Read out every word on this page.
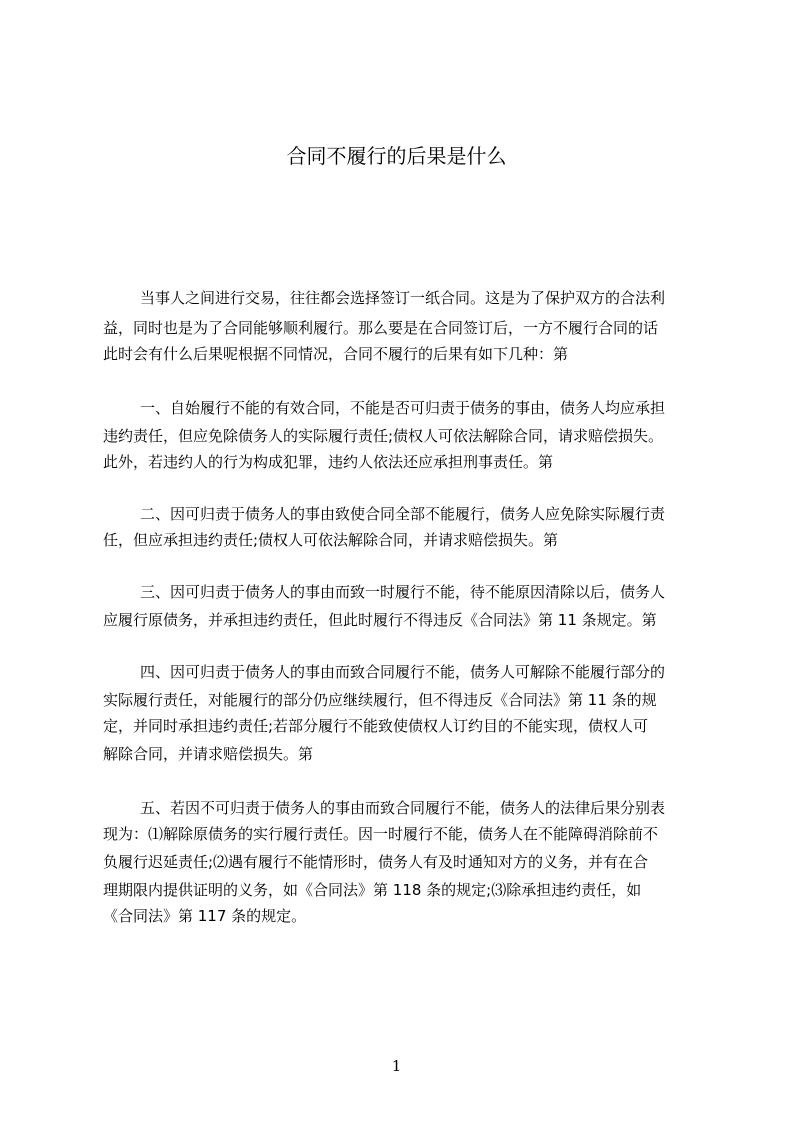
合同不履行的后果是什么
当事人之间进行交易，往往都会选择签订一纸合同。这是为了保护双方的合法利
益，同时也是为了合同能够顺利履行。那么要是在合同签订后，一方不履行合同的话
此时会有什么后果呢根据不同情况，合同不履行的后果有如下几种：第
一、自始履行不能的有效合同，不能是否可归责于债务的事由，债务人均应承担
违约责任，但应免除债务人的实际履行责任;债权人可依法解除合同，请求赔偿损失。
此外，若违约人的行为构成犯罪，违约人依法还应承担刑事责任。第
二、因可归责于债务人的事由致使合同全部不能履行，债务人应免除实际履行责
任，但应承担违约责任;债权人可依法解除合同，并请求赔偿损失。第
三、因可归责于债务人的事由而致一时履行不能，待不能原因清除以后，债务人
应履行原债务，并承担违约责任，但此时履行不得违反《合同法》第 11 条规定。第
四、因可归责于债务人的事由而致合同履行不能，债务人可解除不能履行部分的
实际履行责任，对能履行的部分仍应继续履行，但不得违反《合同法》第 11 条的规
定，并同时承担违约责任;若部分履行不能致使债权人订约目的不能实现，债权人可
解除合同，并请求赔偿损失。第
五、若因不可归责于债务人的事由而致合同履行不能，债务人的法律后果分别表
现为：⑴解除原债务的实行履行责任。因一时履行不能，债务人在不能障碍消除前不
负履行迟延责任;⑵遇有履行不能情形时，债务人有及时通知对方的义务，并有在合
理期限内提供证明的义务，如《合同法》第 118 条的规定;⑶除承担违约责任，如
《合同法》第 117 条的规定。
1
